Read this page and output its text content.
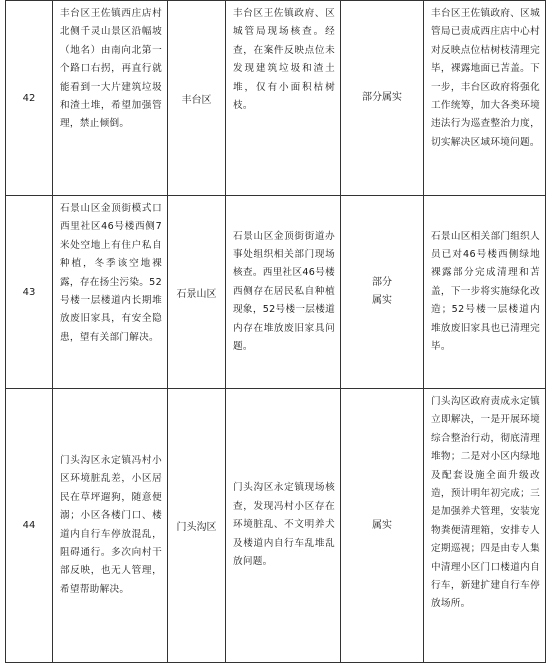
42	丰台区王佐镇西庄店村北侧千灵山景区沿幅坡（地名）由南向北第一个路口右拐，再直行就能看到一大片建筑垃圾和渣土堆，希望加强管理，禁止倾倒。	丰台区	丰台区王佐镇政府、区城管局现场核查。经查，在案件反映点位未发现建筑垃圾和渣土堆，仅有小面积枯树枝。	部分属实	丰台区王佐镇政府、区城管局已责成西庄店中心村对反映点位枯树枝清理完毕，裸露地面已苫盖。下一步，丰台区政府将强化工作统筹，加大各类环境违法行为巡查整治力度，切实解决区域环境问题。
43	石景山区金顶街模式口西里社区46号楼西侧7米处空地上有住户私自种植，冬季该空地裸露，存在扬尘污染。52号楼一层楼道内长期堆放废旧家具，有安全隐患，望有关部门解决。	石景山区	石景山区金顶街街道办事处组织相关部门现场核查。西里社区46号楼西侧存在居民私自种植现象，52号楼一层楼道内存在堆放废旧家具问题。	部分属实	石景山区相关部门组织人员已对46号楼西侧绿地裸露部分完成清理和苫盖，下一步将实施绿化改造；52号楼一层楼道内堆放废旧家具也已清理完毕。
44	门头沟区永定镇冯村小区环境脏乱差，小区居民在草坪遛狗，随意便溺；小区各楼门口、楼道内自行车停放混乱，阻碍通行。多次向村干部反映，也无人管理，希望帮助解决。	门头沟区	门头沟区永定镇现场核查，发现冯村小区存在环境脏乱、不文明养犬及楼道内自行车乱堆乱放问题。	属实	门头沟区政府责成永定镇立即解决，一是开展环境综合整治行动，彻底清理堆物；二是对小区内绿地及配套设施全面升级改造，预计明年初完成；三是加强养犬管理，安装宠物粪便清理箱，安排专人定期巡视；四是由专人集中清理小区门口楼道内自行车，新建扩建自行车停放场所。
